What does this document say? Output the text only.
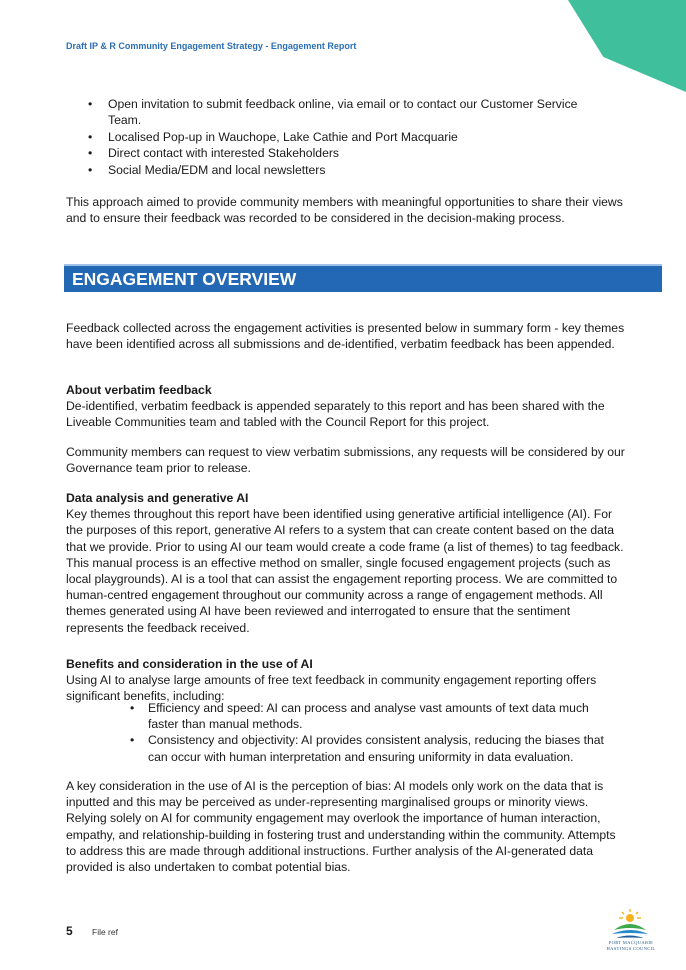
Draft IP & R Community Engagement Strategy - Engagement Report
• Open invitation to submit feedback online, via email or to contact our Customer Service Team.
• Localised Pop-up in Wauchope, Lake Cathie and Port Macquarie
• Direct contact with interested Stakeholders
• Social Media/EDM and local newsletters

This approach aimed to provide community members with meaningful opportunities to share their views and to ensure their feedback was recorded to be considered in the decision-making process.

ENGAGEMENT OVERVIEW

Feedback collected across the engagement activities is presented below in summary form - key themes have been identified across all submissions and de-identified, verbatim feedback has been appended.

About verbatim feedback
De-identified, verbatim feedback is appended separately to this report and has been shared with the Liveable Communities team and tabled with the Council Report for this project.

Community members can request to view verbatim submissions, any requests will be considered by our Governance team prior to release.

Data analysis and generative AI
Key themes throughout this report have been identified using generative artificial intelligence (AI). For the purposes of this report, generative AI refers to a system that can create content based on the data that we provide. Prior to using AI our team would create a code frame (a list of themes) to tag feedback. This manual process is an effective method on smaller, single focused engagement projects (such as local playgrounds). AI is a tool that can assist the engagement reporting process. We are committed to human-centred engagement throughout our community across a range of engagement methods. All themes generated using AI have been reviewed and interrogated to ensure that the sentiment represents the feedback received.

Benefits and consideration in the use of AI
Using AI to analyse large amounts of free text feedback in community engagement reporting offers significant benefits, including:

• Efficiency and speed: AI can process and analyse vast amounts of text data much faster than manual methods.
• Consistency and objectivity: AI provides consistent analysis, reducing the biases that can occur with human interpretation and ensuring uniformity in data evaluation.

A key consideration in the use of AI is the perception of bias: AI models only work on the data that is inputted and this may be perceived as under-representing marginalised groups or minority views. Relying solely on AI for community engagement may overlook the importance of human interaction, empathy, and relationship-building in fostering trust and understanding within the community. Attempts to address this are made through additional instructions. Further analysis of the AI-generated data provided is also undertaken to combat potential bias.

5 File ref
PORT MACQUARIE
HASTINGS COUNCIL
